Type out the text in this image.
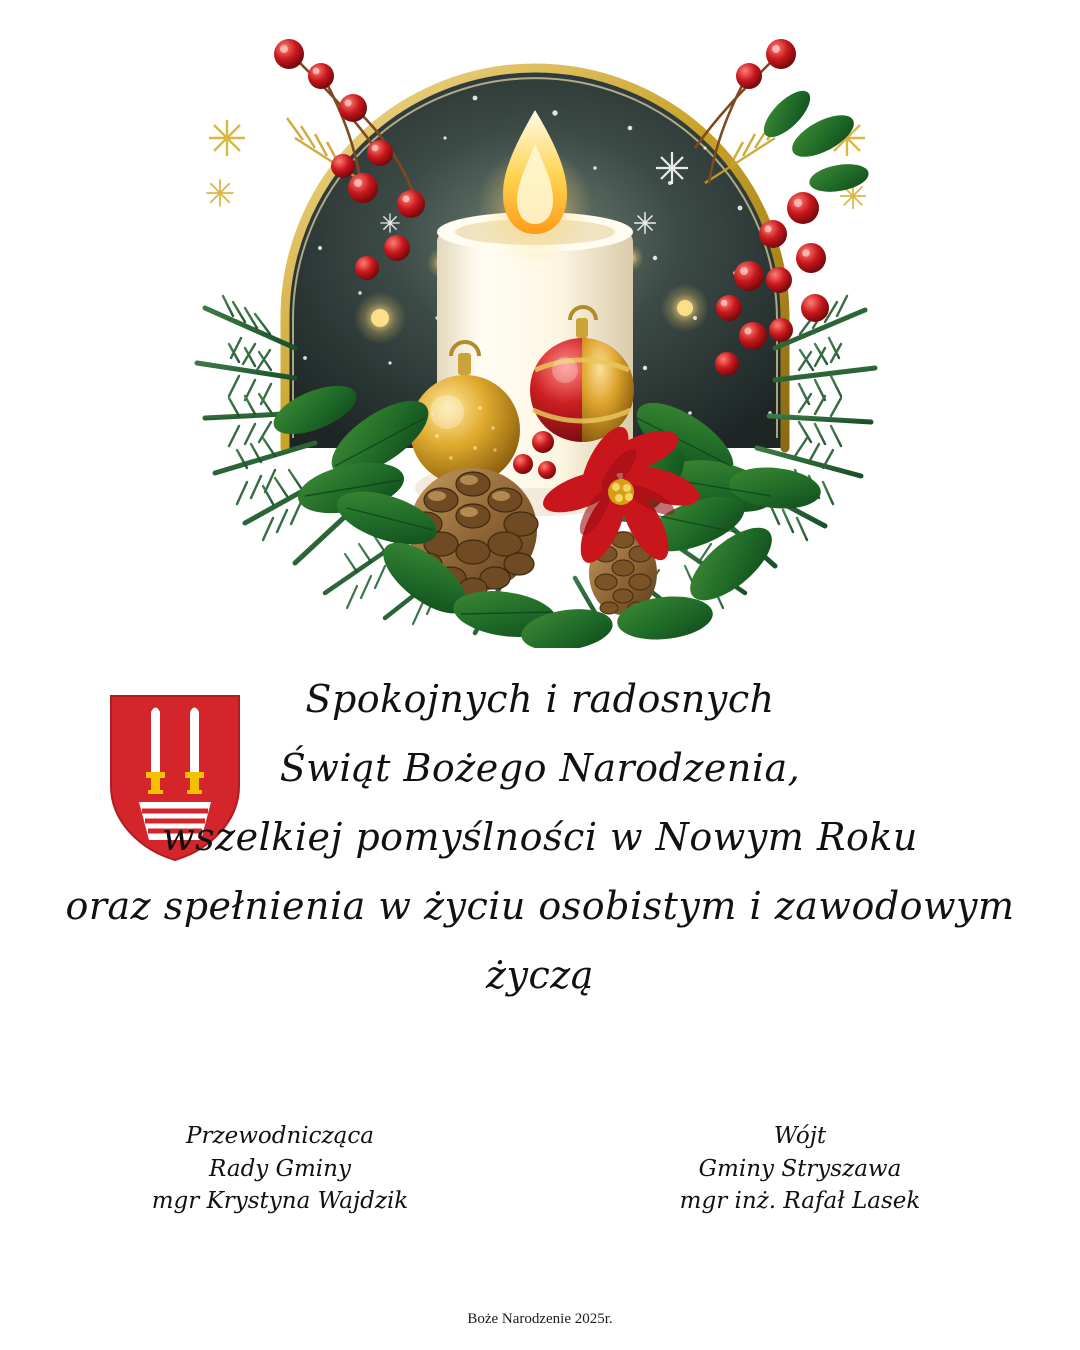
Spokojnych i radosnych

Świąt Bożego Narodzenia,

wszelkiej pomyślności w Nowym Roku

oraz spełnienia w życiu osobistym i zawodowym

życzą

Przewodnicząca
Rady Gminy
mgr Krystyna Wajdzik
Wójt
Gminy Stryszawa
mgr inż. Rafał Lasek
Boże Narodzenie 2025r.
